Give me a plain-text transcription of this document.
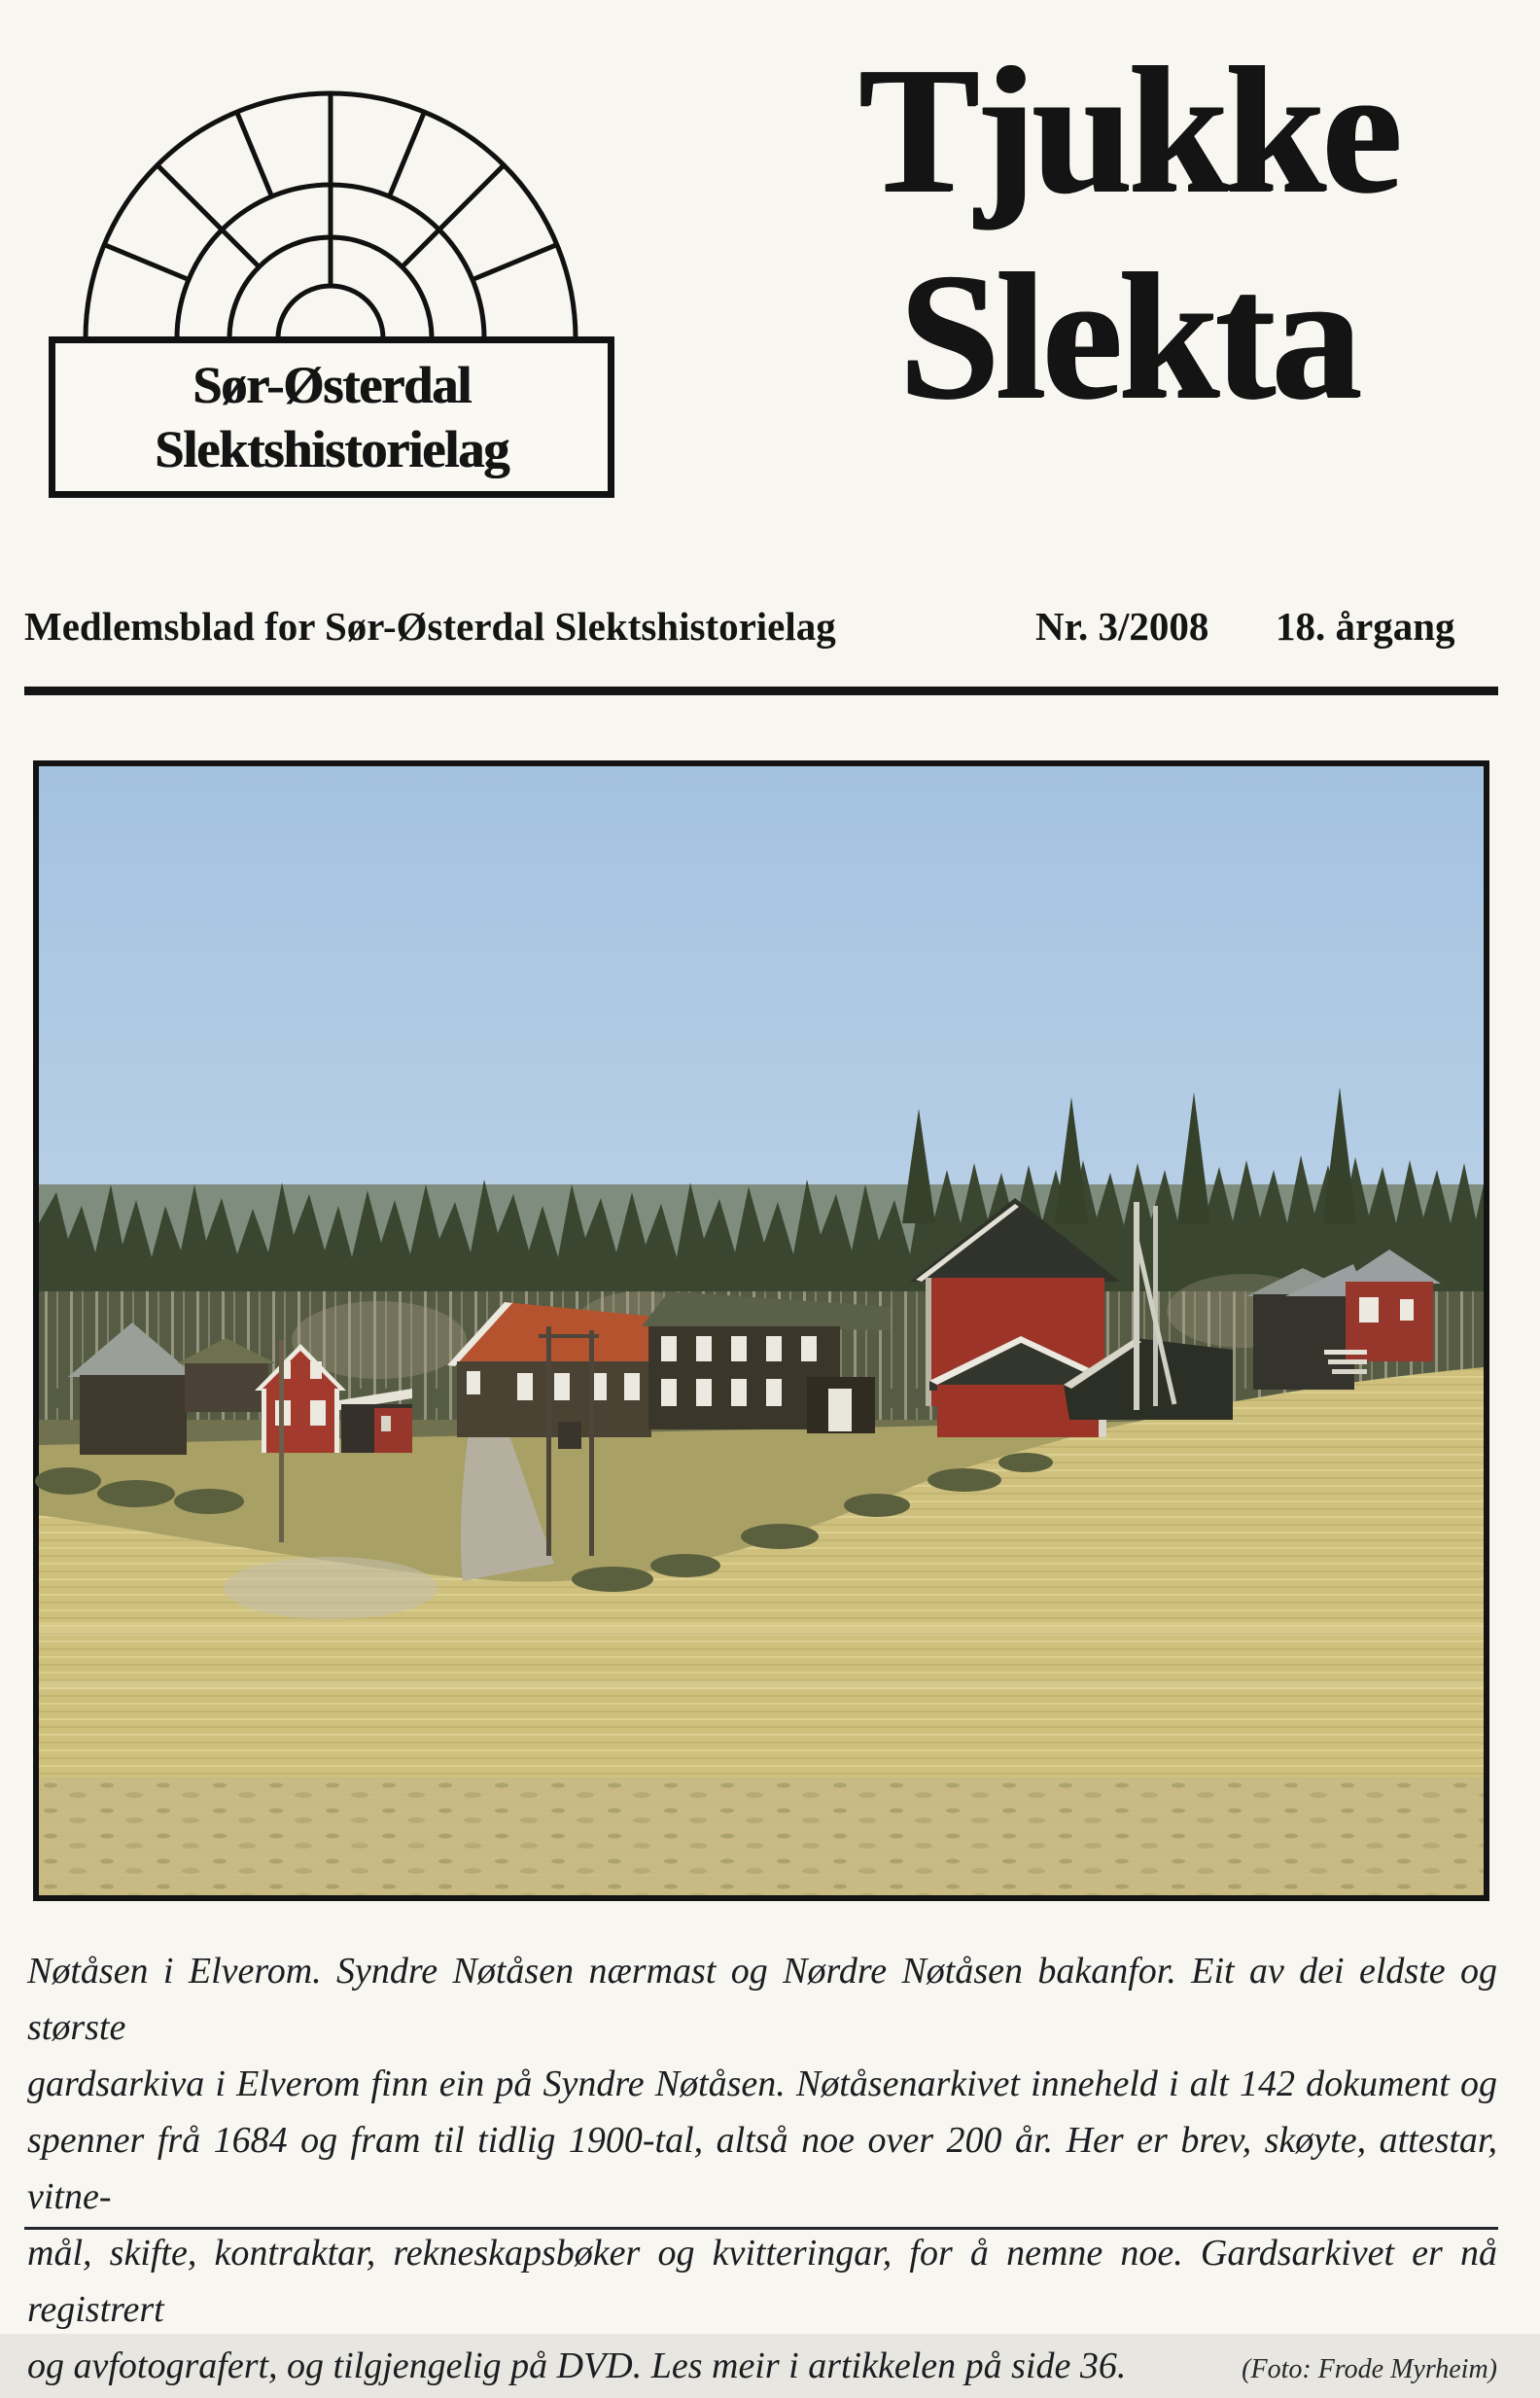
Sør-Østerdal
Slektshistorielag
Tjukke
Slekta
Medlemsblad for Sør-Østerdal Slektshistorielag	Nr. 3/2008 18. årgang
Nøtåsen i Elverom. Syndre Nøtåsen nærmast og Nørdre Nøtåsen bakanfor. Eit av dei eldste og største
gardsarkiva i Elverom finn ein på Syndre Nøtåsen. Nøtåsenarkivet inneheld i alt 142 dokument og
spenner frå 1684 og fram til tidlig 1900-tal, altså noe over 200 år. Her er brev, skøyte, attestar, vitne-
mål, skifte, kontraktar, rekneskapsbøker og kvitteringar, for å nemne noe. Gardsarkivet er nå registrert
og avfotografert, og tilgjengelig på DVD. Les meir i artikkelen på side 36.	(Foto: Frode Myrheim)
